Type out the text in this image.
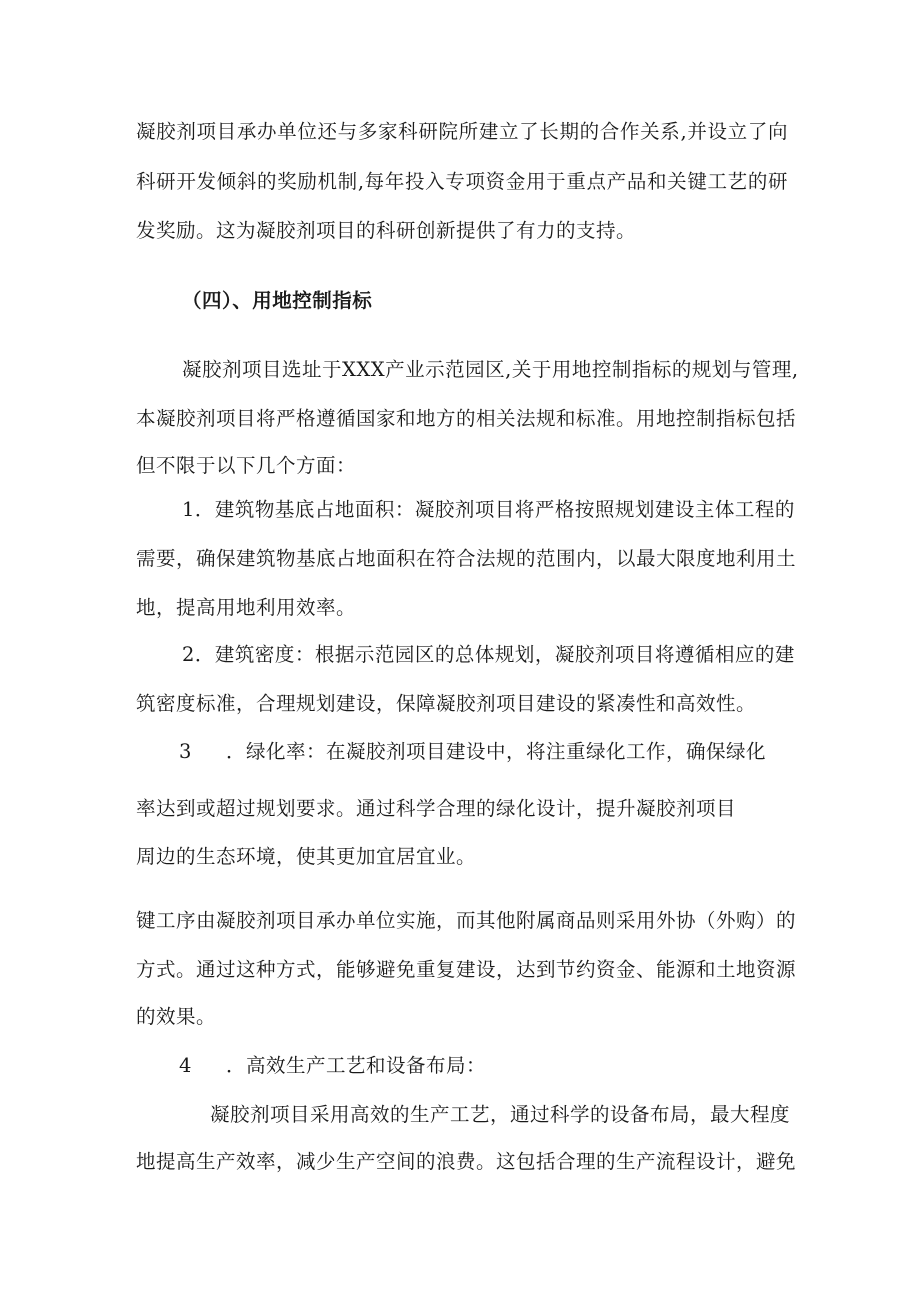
凝胶剂项目承办单位还与多家科研院所建立了长期的合作关系,并设立了向
科研开发倾斜的奖励机制,每年投入专项资金用于重点产品和关键工艺的研
发奖励。这为凝胶剂项目的科研创新提供了有力的支持。
（四）、用地控制指标
凝胶剂项目选址于XXX产业示范园区,关于用地控制指标的规划与管理,
本凝胶剂项目将严格遵循国家和地方的相关法规和标准。用地控制指标包括
但不限于以下几个方面：
1．建筑物基底占地面积：凝胶剂项目将严格按照规划建设主体工程的
需要，确保建筑物基底占地面积在符合法规的范围内，以最大限度地利用土
地，提高用地利用效率。
2．建筑密度：根据示范园区的总体规划，凝胶剂项目将遵循相应的建
筑密度标准，合理规划建设，保障凝胶剂项目建设的紧凑性和高效性。
3 ．绿化率：在凝胶剂项目建设中，将注重绿化工作，确保绿化
率达到或超过规划要求。通过科学合理的绿化设计，提升凝胶剂项目
周边的生态环境，使其更加宜居宜业。
键工序由凝胶剂项目承办单位实施，而其他附属商品则采用外协（外购）的
方式。通过这种方式，能够避免重复建设，达到节约资金、能源和土地资源
的效果。
4 ．高效生产工艺和设备布局：
凝胶剂项目采用高效的生产工艺，通过科学的设备布局，最大程度
地提高生产效率，减少生产空间的浪费。这包括合理的生产流程设计，避免
